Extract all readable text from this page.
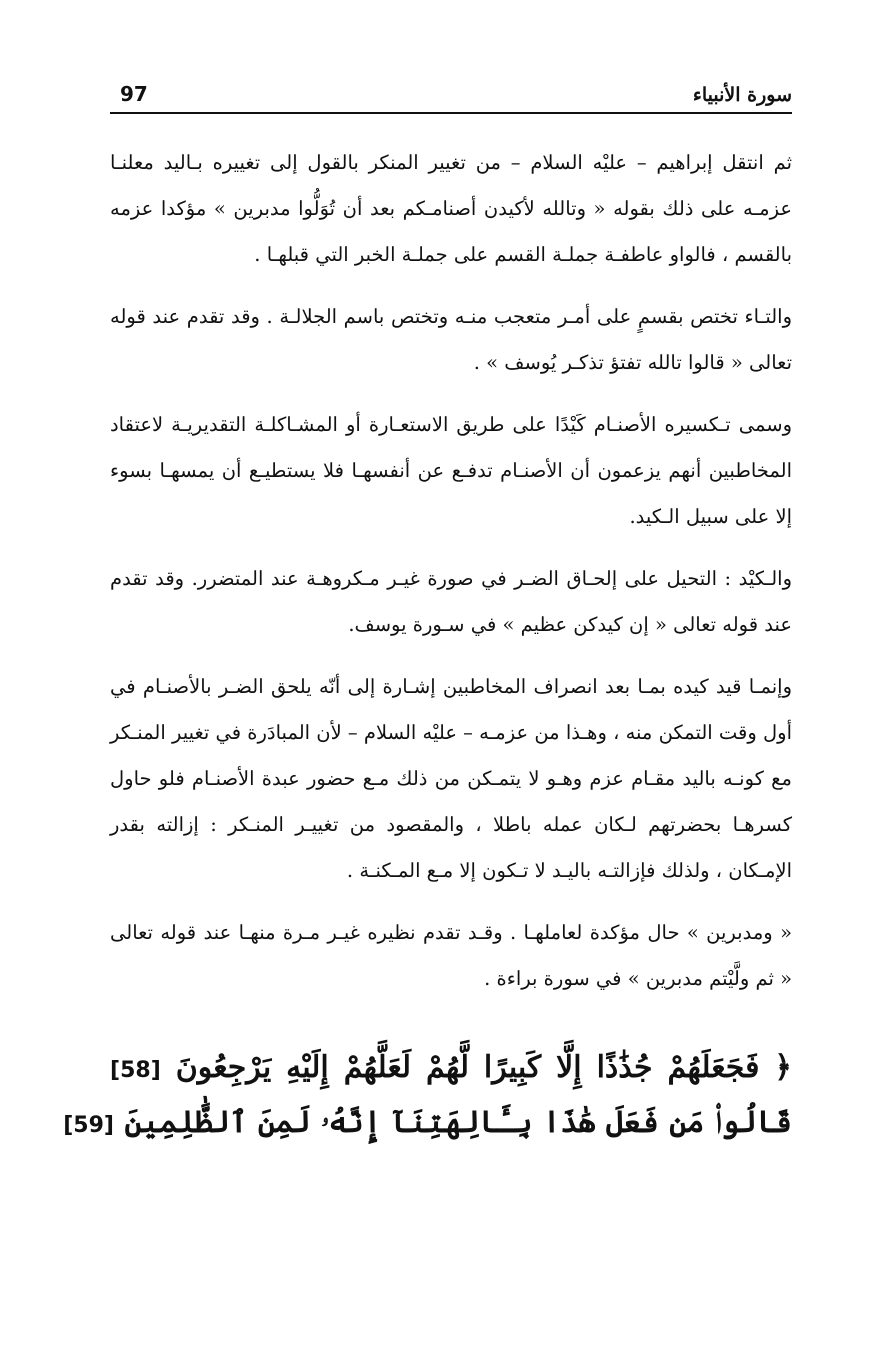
سورة الأنبياء
97

ثم انتقل إبراهيم – عليْه السلام – من تغيير المنكر بالقول إلى تغييره بـاليد معلنـا عزمـه على ذلك بقوله « وتالله لأكيدن أصنامـكم بعد أن تُوَلُّوا مدبرين » مؤكدا عزمه بالقسم ، فالواو عاطفـة جملـة القسم على جملـة الخبر التي قبلهـا .

والتـاء تختص بقسمٍ على أمـر متعجب منـه وتختص باسم الجلالـة . وقد تقدم عند قوله تعالى « قالوا تالله تفتؤ تذكـر يُوسف » .

وسمى تـكسيره الأصنـام كَيْدًا على طريق الاستعـارة أو المشـاكلـة التقديريـة لاعتقاد المخاطبين أنهم يزعمون أن الأصنـام تدفـع عن أنفسهـا فلا يستطيـع أن يمسهـا بسوء إلا على سبيل الـكيد.

والـكيْد : التحيل على إلحـاق الضـر في صورة غيـر مـكروهـة عند المتضرر. وقد تقدم عند قوله تعالى « إن كيدكن عظيم » في سـورة يوسف.

وإنمـا قيد كيده بمـا بعد انصراف المخاطبين إشـارة إلى أنّه يلحق الضـر بالأصنـام في أول وقت التمكن منه ، وهـذا من عزمـه – عليْه السلام – لأن المبادَرة في تغيير المنـكر مع كونـه باليد مقـام عزم وهـو لا يتمـكن من ذلك مـع حضور عبدة الأصنـام فلو حاول كسرهـا بحضرتهم لـكان عمله باطلا ، والمقصود من تغييـر المنـكر : إزالته بقدر الإمـكان ، ولذلك فإزالتـه باليـد لا تـكون إلا مـع المـكنـة .

« ومدبرين » حال مؤكدة لعاملهـا . وقـد تقدم نظيره غيـر مـرة منهـا عند قوله تعالى « ثم ولَّيْتم مدبرين » في سورة براءة .

﴿ فَجَعَلَهُمْ جُذَٰذًا إِلَّا كَبِيرًا لَّهُمْ لَعَلَّهُمْ إِلَيْهِ يَرْجِعُونَ [58]
قَالُوا۟ مَن فَعَلَ هَٰذَا بِـَٔالِهَتِنَآ إِنَّهُۥ لَمِنَ ٱلظَّٰلِمِينَ [59]
